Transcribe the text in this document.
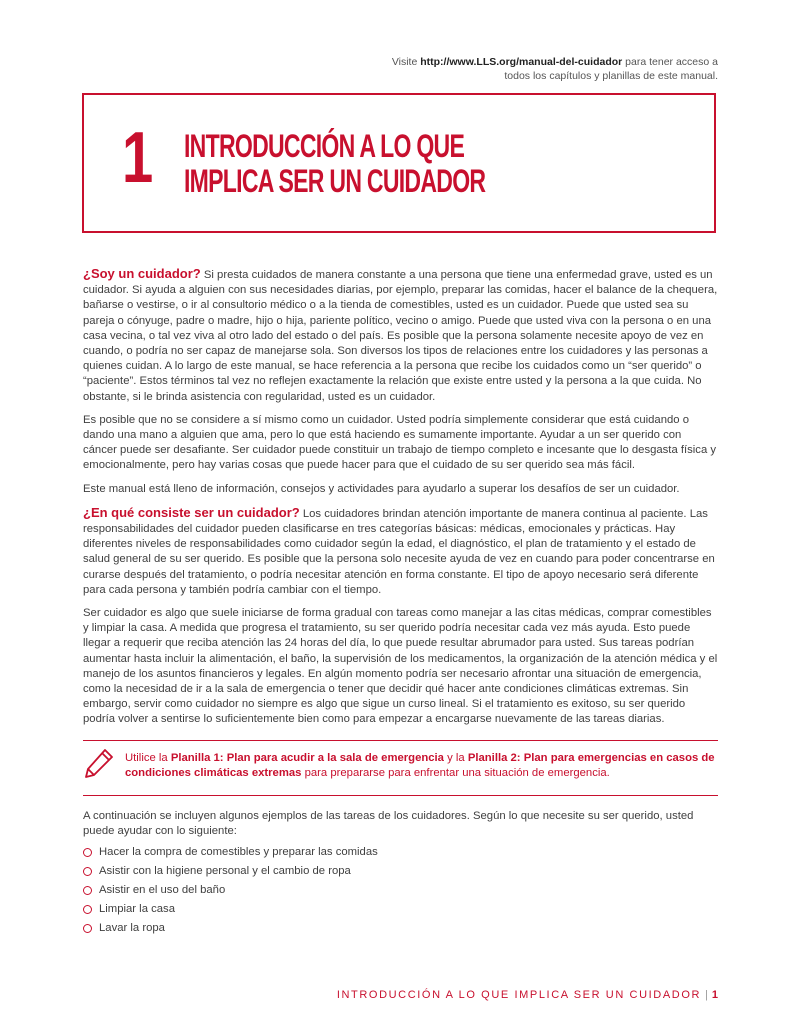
Visite http://www.LLS.org/manual-del-cuidador para tener acceso a todos los capítulos y planillas de este manual.
1 INTRODUCCIÓN A LO QUE
IMPLICA SER UN CUIDADOR

¿Soy un cuidador? Si presta cuidados de manera constante a una persona que tiene una enfermedad grave, usted es un cuidador. Si ayuda a alguien con sus necesidades diarias, por ejemplo, preparar las comidas, hacer el balance de la chequera, bañarse o vestirse, o ir al consultorio médico o a la tienda de comestibles, usted es un cuidador. Puede que usted sea su pareja o cónyuge, padre o madre, hijo o hija, pariente político, vecino o amigo. Puede que usted viva con la persona o en una casa vecina, o tal vez viva al otro lado del estado o del país. Es posible que la persona solamente necesite apoyo de vez en cuando, o podría no ser capaz de manejarse sola. Son diversos los tipos de relaciones entre los cuidadores y las personas a quienes cuidan. A lo largo de este manual, se hace referencia a la persona que recibe los cuidados como un “ser querido” o “paciente”. Estos términos tal vez no reflejen exactamente la relación que existe entre usted y la persona a la que cuida. No obstante, si le brinda asistencia con regularidad, usted es un cuidador.

Es posible que no se considere a sí mismo como un cuidador. Usted podría simplemente considerar que está cuidando o dando una mano a alguien que ama, pero lo que está haciendo es sumamente importante. Ayudar a un ser querido con cáncer puede ser desafiante. Ser cuidador puede constituir un trabajo de tiempo completo e incesante que lo desgasta física y emocionalmente, pero hay varias cosas que puede hacer para que el cuidado de su ser querido sea más fácil.

Este manual está lleno de información, consejos y actividades para ayudarlo a superar los desafíos de ser un cuidador.

¿En qué consiste ser un cuidador? Los cuidadores brindan atención importante de manera continua al paciente. Las responsabilidades del cuidador pueden clasificarse en tres categorías básicas: médicas, emocionales y prácticas. Hay diferentes niveles de responsabilidades como cuidador según la edad, el diagnóstico, el plan de tratamiento y el estado de salud general de su ser querido. Es posible que la persona solo necesite ayuda de vez en cuando para poder concentrarse en curarse después del tratamiento, o podría necesitar atención en forma constante. El tipo de apoyo necesario será diferente para cada persona y también podría cambiar con el tiempo.

Ser cuidador es algo que suele iniciarse de forma gradual con tareas como manejar a las citas médicas, comprar comestibles y limpiar la casa. A medida que progresa el tratamiento, su ser querido podría necesitar cada vez más ayuda. Esto puede llegar a requerir que reciba atención las 24 horas del día, lo que puede resultar abrumador para usted. Sus tareas podrían aumentar hasta incluir la alimentación, el baño, la supervisión de los medicamentos, la organización de la atención médica y el manejo de los asuntos financieros y legales. En algún momento podría ser necesario afrontar una situación de emergencia, como la necesidad de ir a la sala de emergencia o tener que decidir qué hacer ante condiciones climáticas extremas. Sin embargo, servir como cuidador no siempre es algo que sigue un curso lineal. Si el tratamiento es exitoso, su ser querido podría volver a sentirse lo suficientemente bien como para empezar a encargarse nuevamente de las tareas diarias.

Utilice la Planilla 1: Plan para acudir a la sala de emergencia y la Planilla 2: Plan para emergencias en casos de condiciones climáticas extremas para prepararse para enfrentar una situación de emergencia.

A continuación se incluyen algunos ejemplos de las tareas de los cuidadores. Según lo que necesite su ser querido, usted puede ayudar con lo siguiente:

Hacer la compra de comestibles y preparar las comidas
Asistir con la higiene personal y el cambio de ropa
Asistir en el uso del baño
Limpiar la casa
Lavar la ropa
INTRODUCCIÓN A LO QUE IMPLICA SER UN CUIDADOR | 1
